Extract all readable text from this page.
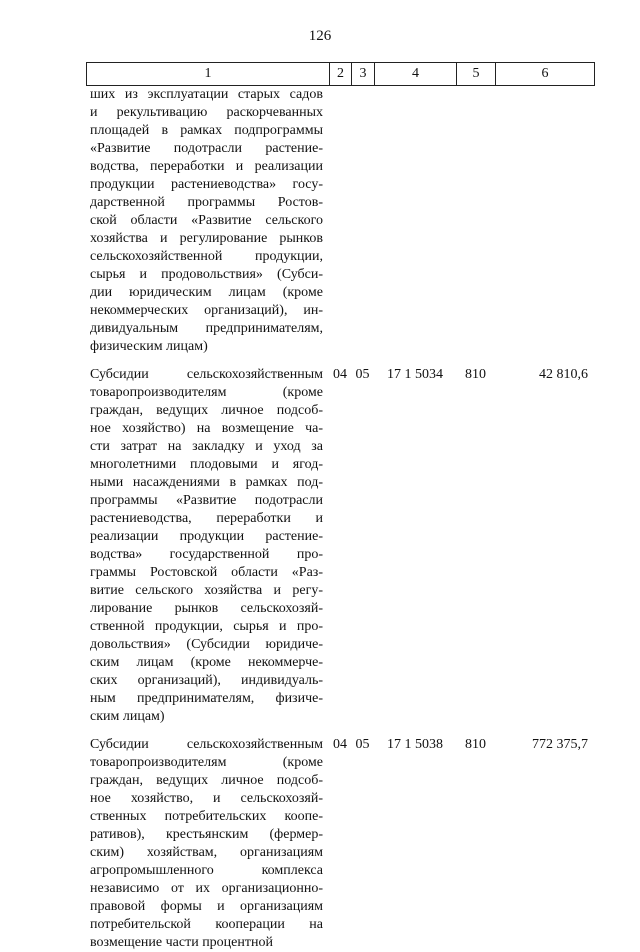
126
1	2	3	4	5	6
ших из эксплуатации старых садов
и рекультивацию раскорчеванных
площадей в рамках подпрограммы
«Развитие подотрасли растение-
водства, переработки и реализации
продукции растениеводства» госу-
дарственной программы Ростов-
ской области «Развитие сельского
хозяйства и регулирование рынков
сельскохозяйственной продукции,
сырья и продовольствия» (Субси-
дии юридическим лицам (кроме
некоммерческих организаций), ин-
дивидуальным предпринимателям,
физическим лицам)
Субсидии сельскохозяйственным
товаропроизводителям (кроме
граждан, ведущих личное подсоб-
ное хозяйство) на возмещение ча-
сти затрат на закладку и уход за
многолетними плодовыми и ягод-
ными насаждениями в рамках под-
программы «Развитие подотрасли
растениеводства, переработки и
реализации продукции растение-
водства» государственной про-
граммы Ростовской области «Раз-
витие сельского хозяйства и регу-
лирование рынков сельскохозяй-
ственной продукции, сырья и про-
довольствия» (Субсидии юридиче-
ским лицам (кроме некоммерче-
ских организаций), индивидуаль-
ным предпринимателям, физиче-
ским лицам)
04 05	17 1 5034	810	42 810,6
Субсидии сельскохозяйственным
товаропроизводителям (кроме
граждан, ведущих личное подсоб-
ное хозяйство, и сельскохозяй-
ственных потребительских коопе-
ративов), крестьянским (фермер-
ским) хозяйствам, организациям
агропромышленного комплекса
независимо от их организационно-
правовой формы и организациям
потребительской кооперации на
возмещение части процентной
04 05	17 1 5038	810	772 375,7
